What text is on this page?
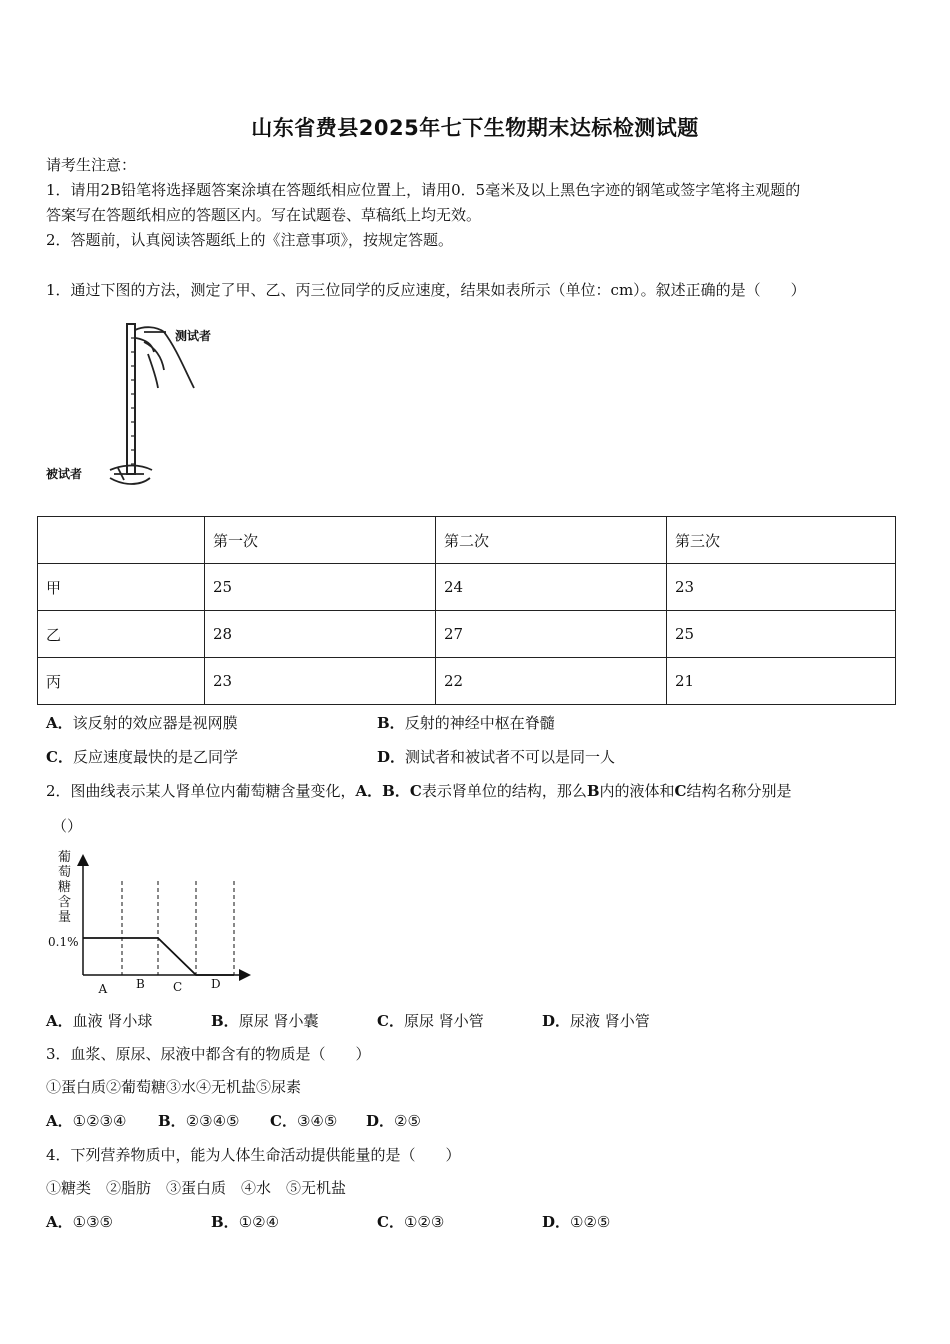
山东省费县2025年七下生物期末达标检测试题
请考生注意：
1．请用2B铅笔将选择题答案涂填在答题纸相应位置上，请用0．5毫米及以上黑色字迹的钢笔或签字笔将主观题的
答案写在答题纸相应的答题区内。写在试题卷、草稿纸上均无效。
2．答题前，认真阅读答题纸上的《注意事项》，按规定答题。
1．通过下图的方法，测定了甲、乙、丙三位同学的反应速度，结果如表所示（单位：cm）。叙述正确的是（　　）
测试者
被试者
	第一次	第二次	第三次
甲	25	24	23
乙	28	27	25
丙	23	22	21
A．该反射的效应器是视网膜	B．反射的神经中枢在脊髓
C．反应速度最快的是乙同学	D．测试者和被试者不可以是同一人
2．图曲线表示某人肾单位内葡萄糖含量变化，A．B．C表示肾单位的结构，那么B内的液体和C结构名称分别是
（）
葡
萄
糖
含
量
0.1%
A B C D
A．血液 肾小球	B．原尿 肾小囊	C．原尿 肾小管	D．尿液 肾小管
3．血浆、原尿、尿液中都含有的物质是（　　）
①蛋白质②葡萄糖③水④无机盐⑤尿素
A．①②③④ B．②③④⑤ C．③④⑤ D．②⑤
4．下列营养物质中，能为人体生命活动提供能量的是（　　）
①糖类　②脂肪　③蛋白质　④水　⑤无机盐
A．①③⑤	B．①②④	C．①②③	D．①②⑤
